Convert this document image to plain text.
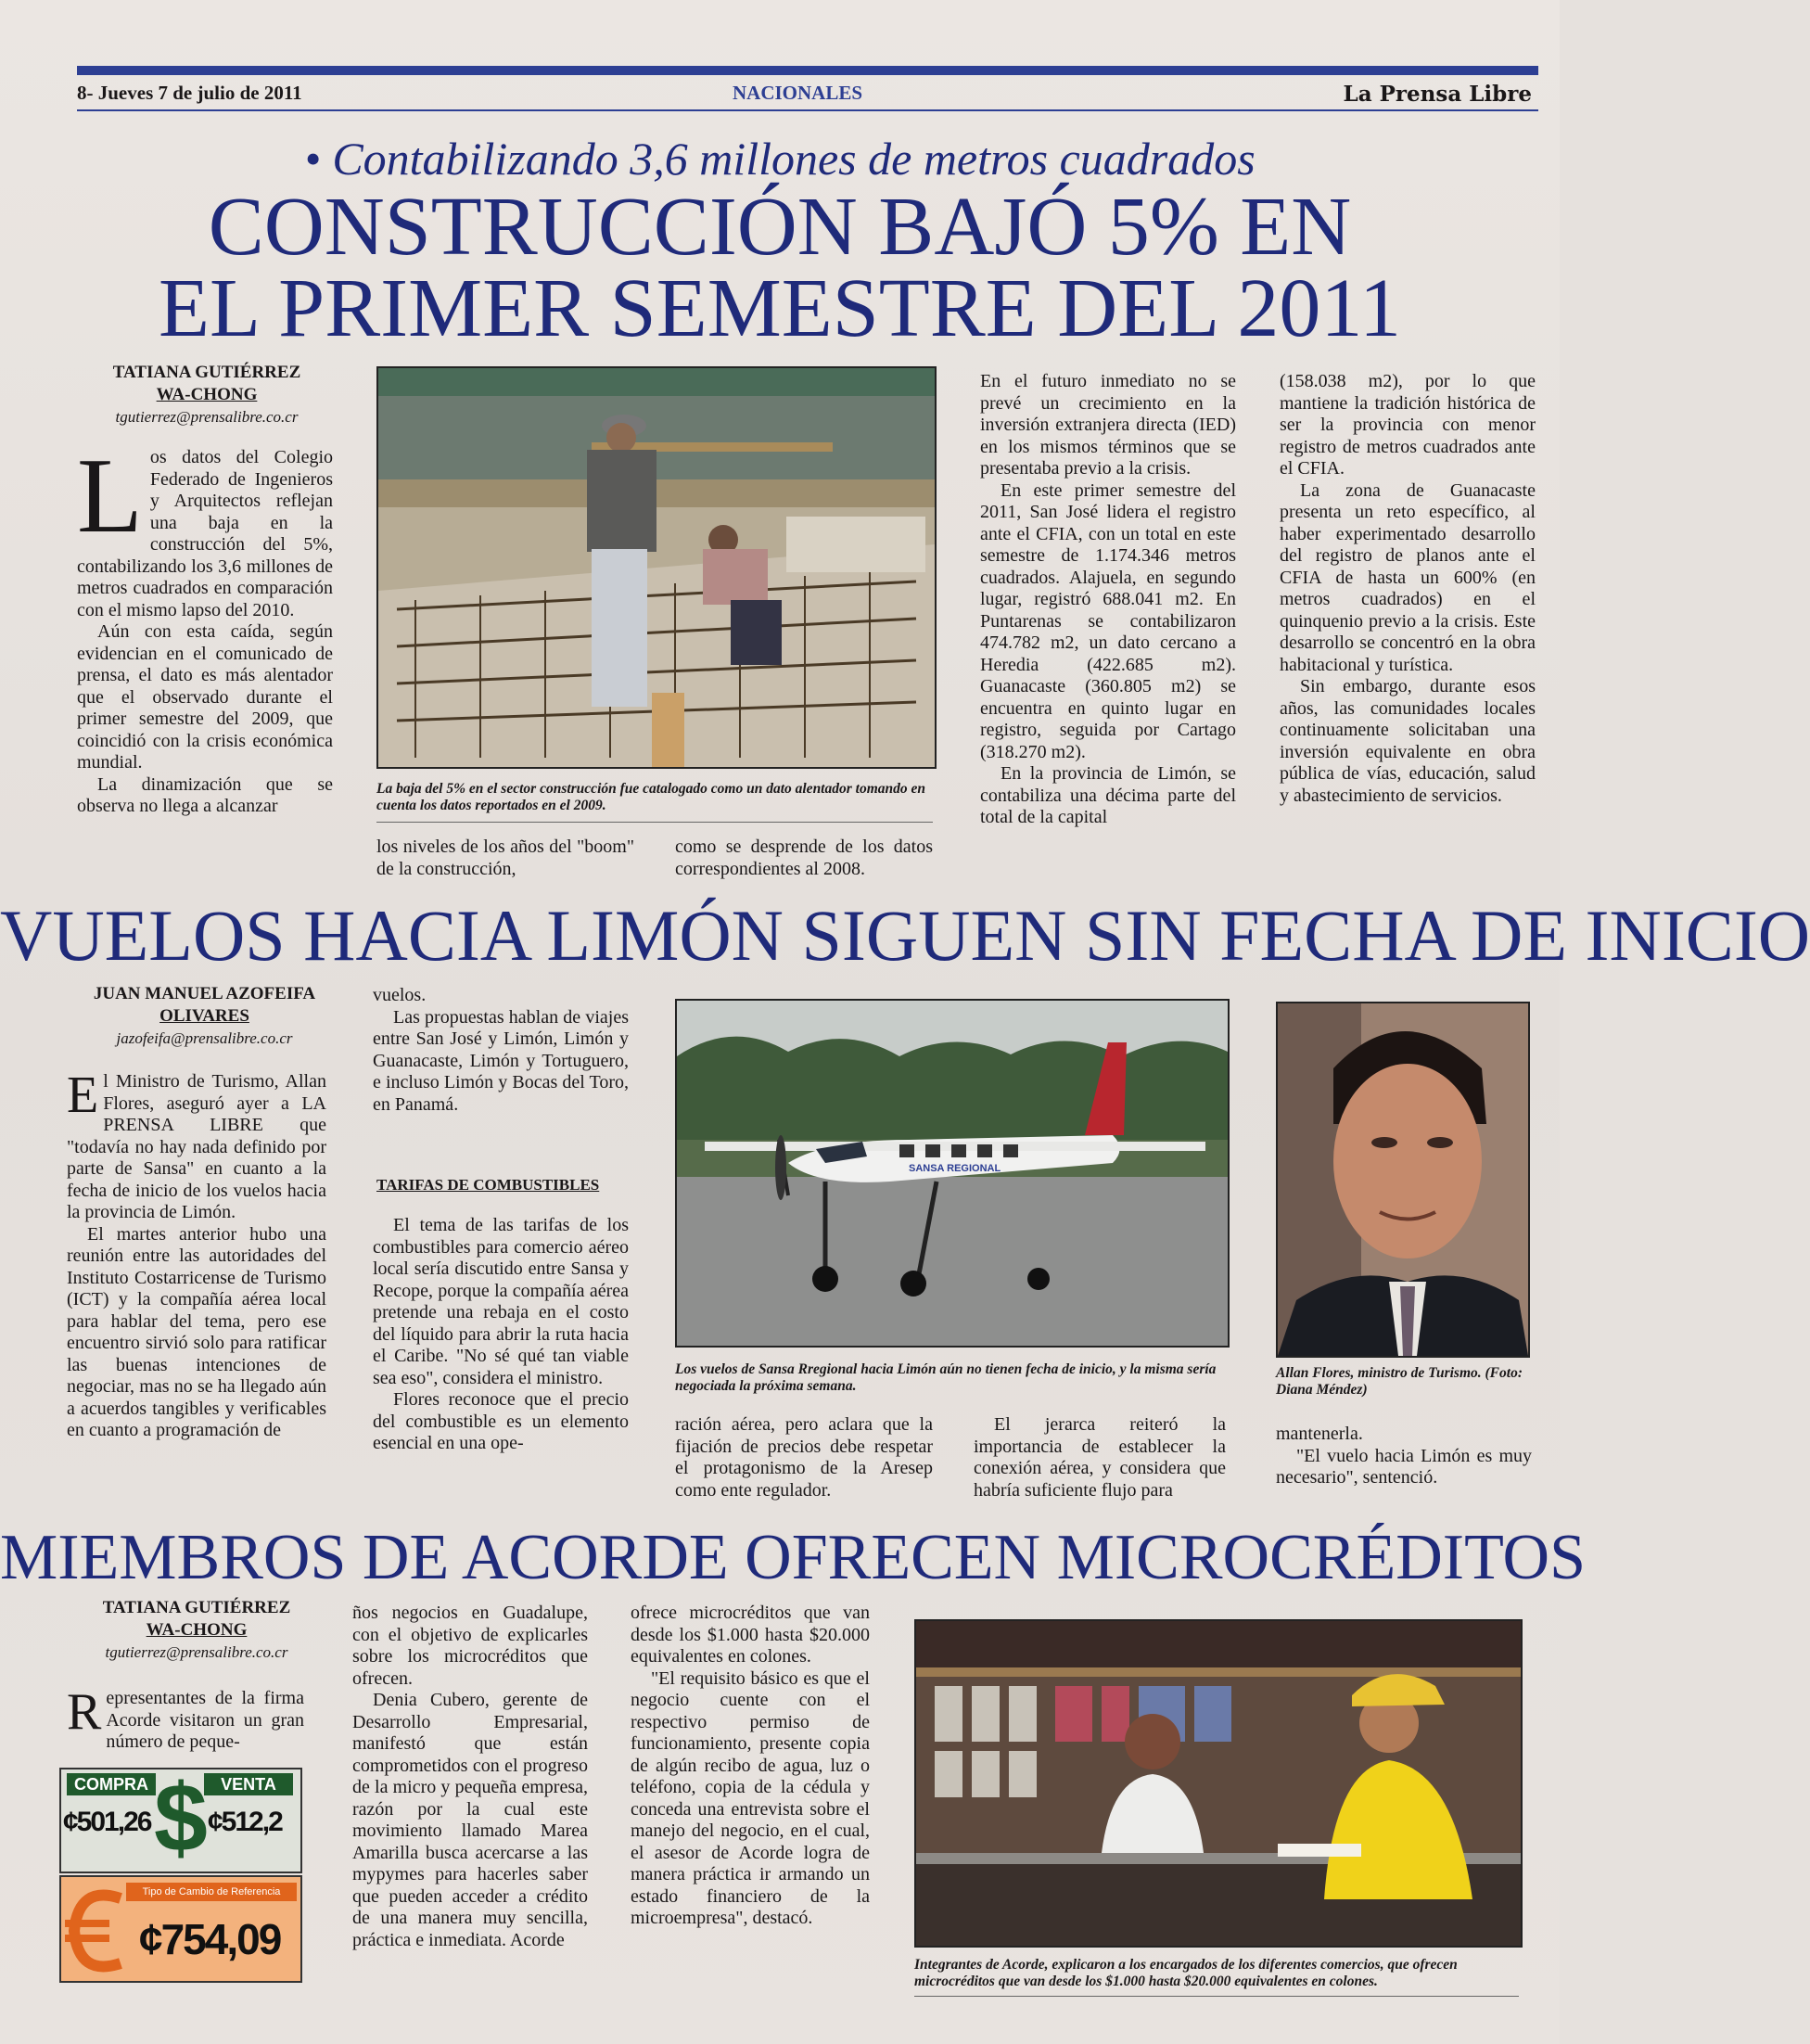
8- Jueves 7 de julio de 2011	NACIONALES	La Prensa Libre
• Contabilizando 3,6 millones de metros cuadrados
CONSTRUCCIÓN BAJÓ 5% EN
EL PRIMER SEMESTRE DEL 2011
TATIANA GUTIÉRREZ
WA-CHONG
tgutierrez@prensalibre.co.cr

Los datos del Colegio Federado de Ingenieros y Arquitectos reflejan una baja en la construcción del 5%, contabilizando los 3,6 millones de metros cuadrados en comparación con el mismo lapso del 2010.

Aún con esta caída, según evidencian en el comunicado de prensa, el dato es más alentador que el observado durante el primer semestre del 2009, que coincidió con la crisis económica mundial.

La dinamización que se observa no llega a alcanzar

La baja del 5% en el sector construcción fue catalogado como un dato alentador tomando en cuenta los datos reportados en el 2009.

los niveles de los años del "boom" de la construcción,

como se desprende de los datos correspondientes al 2008.

En el futuro inmediato no se prevé un crecimiento en la inversión extranjera directa (IED) en los mismos términos que se presentaba previo a la crisis.

En este primer semestre del 2011, San José lidera el registro ante el CFIA, con un total en este semestre de 1.174.346 metros cuadrados. Alajuela, en segundo lugar, registró 688.041 m2. En Puntarenas se contabilizaron 474.782 m2, un dato cercano a Heredia (422.685 m2). Guanacaste (360.805 m2) se encuentra en quinto lugar en registro, seguida por Cartago (318.270 m2).

En la provincia de Limón, se contabiliza una décima parte del total de la capital

(158.038 m2), por lo que mantiene la tradición histórica de ser la provincia con menor registro de metros cuadrados ante el CFIA.

La zona de Guanacaste presenta un reto específico, al haber experimentado desarrollo del registro de planos ante el CFIA de hasta un 600% (en metros cuadrados) en el quinquenio previo a la crisis. Este desarrollo se concentró en la obra habitacional y turística.

Sin embargo, durante esos años, las comunidades locales continuamente solicitaban una inversión equivalente en obra pública de vías, educación, salud y abastecimiento de servicios.

VUELOS HACIA LIMÓN SIGUEN SIN FECHA DE INICIO
JUAN MANUEL AZOFEIFA
OLIVARES
jazofeifa@prensalibre.co.cr

El Ministro de Turismo, Allan Flores, aseguró ayer a LA PRENSA LIBRE que "todavía no hay nada definido por parte de Sansa" en cuanto a la fecha de inicio de los vuelos hacia la provincia de Limón.

El martes anterior hubo una reunión entre las autoridades del Instituto Costarricense de Turismo (ICT) y la compañía aérea local para hablar del tema, pero ese encuentro sirvió solo para ratificar las buenas intenciones de negociar, mas no se ha llegado aún a acuerdos tangibles y verificables en cuanto a programación de

vuelos.

Las propuestas hablan de viajes entre San José y Limón, Limón y Guanacaste, Limón y Tortuguero, e incluso Limón y Bocas del Toro, en Panamá.

TARIFAS DE COMBUSTIBLES

El tema de las tarifas de los combustibles para comercio aéreo local sería discutido entre Sansa y Recope, porque la compañía aérea pretende una rebaja en el costo del líquido para abrir la ruta hacia el Caribe. "No sé qué tan viable sea eso", considera el ministro.

Flores reconoce que el precio del combustible es un elemento esencial en una ope-

SANSA REGIONAL
Los vuelos de Sansa Rregional hacia Limón aún no tienen fecha de inicio, y la misma sería negociada la próxima semana.
Allan Flores, ministro de Turismo. (Foto: Diana Méndez)

ración aérea, pero aclara que la fijación de precios debe respetar el protagonismo de la Aresep como ente regulador.

El jerarca reiteró la importancia de establecer la conexión aérea, y considera que habría suficiente flujo para

mantenerla.

"El vuelo hacia Limón es muy necesario", sentenció.

MIEMBROS DE ACORDE OFRECEN MICROCRÉDITOS
TATIANA GUTIÉRREZ
WA-CHONG
tgutierrez@prensalibre.co.cr

Representantes de la firma Acorde visitaron un gran número de peque-

COMPRA	VENTA
$
¢501,26	¢512,2
Tipo de Cambio de Referencia
¢754,09

ños negocios en Guadalupe, con el objetivo de explicarles sobre los microcréditos que ofrecen.

Denia Cubero, gerente de Desarrollo Empresarial, manifestó que están comprometidos con el progreso de la micro y pequeña empresa, razón por la cual este movimiento llamado Marea Amarilla busca acercarse a las mypymes para hacerles saber que pueden acceder a crédito de una manera muy sencilla, práctica e inmediata. Acorde

ofrece microcréditos que van desde los $1.000 hasta $20.000 equivalentes en colones.

"El requisito básico es que el negocio cuente con el respectivo permiso de funcionamiento, presente copia de algún recibo de agua, luz o teléfono, copia de la cédula y conceda una entrevista sobre el manejo del negocio, en el cual, el asesor de Acorde logra de manera práctica ir armando un estado financiero de la microempresa", destacó.

Integrantes de Acorde, explicaron a los encargados de los diferentes comercios, que ofrecen microcréditos que van desde los $1.000 hasta $20.000 equivalentes en colones.
